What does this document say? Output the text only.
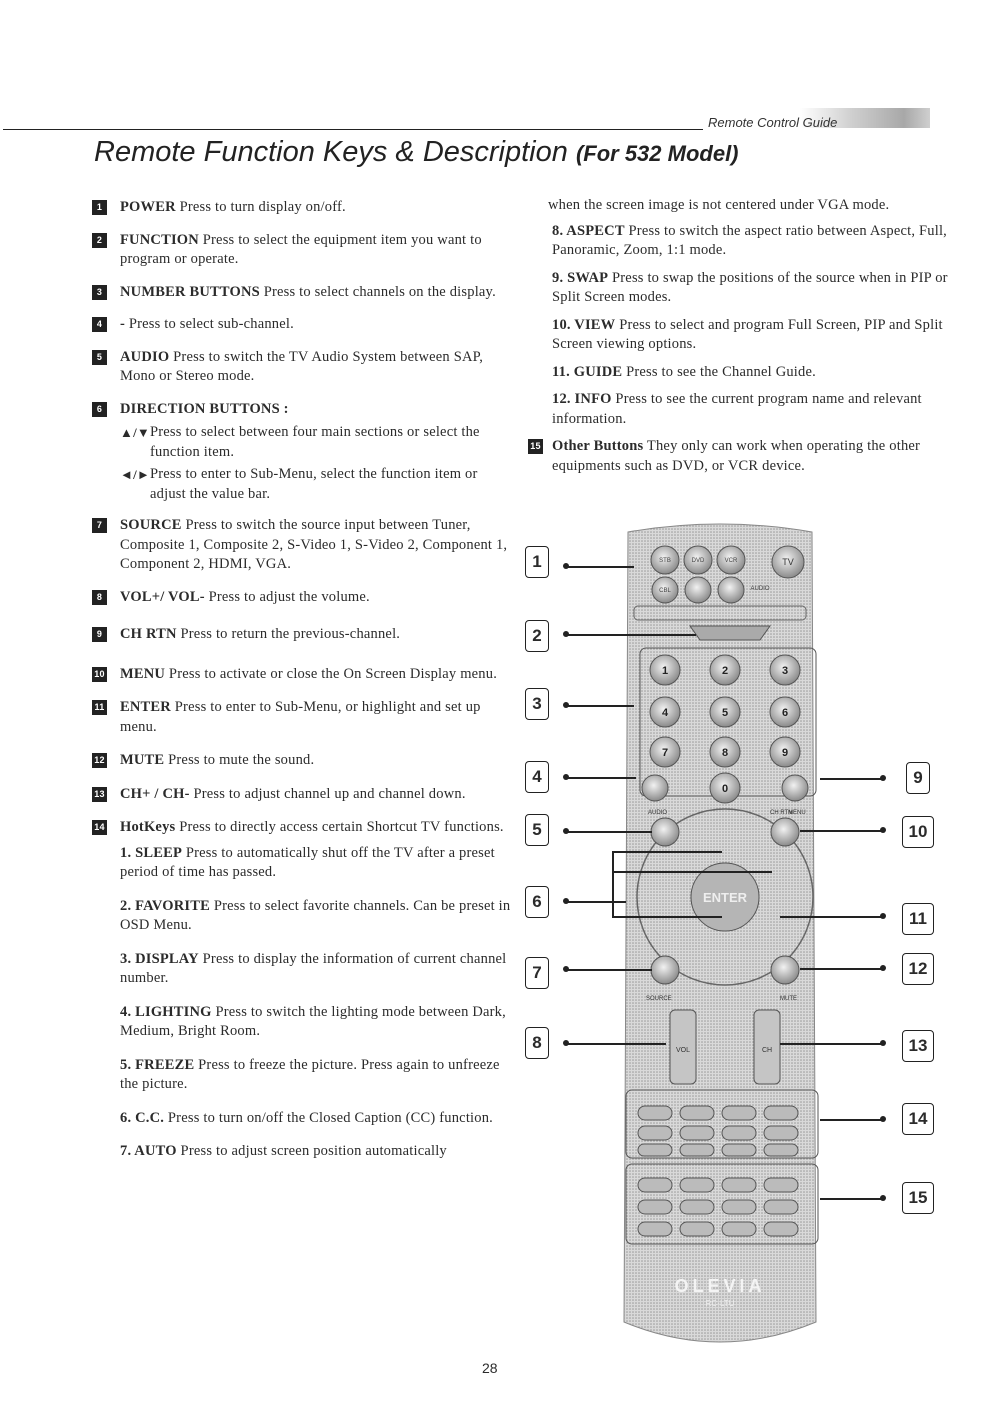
Remote Control Guide
Remote Function Keys & Description (For 532 Model)
1	POWER Press to turn display on/off.
2	FUNCTION Press to select the equipment item you want to program or operate.
3	NUMBER BUTTONS Press to select channels on the display.
4	- Press to select sub-channel.
5	AUDIO Press to switch the TV Audio System between SAP, Mono or Stereo mode.
6	DIRECTION BUTTONS :
▲/▼ Press to select between four main sections or select the function item.
◄/► Press to enter to Sub-Menu, select the function item or adjust the value bar.
7	SOURCE Press to switch the source input between Tuner, Composite 1, Composite 2, S-Video 1, S-Video 2, Component 1, Component 2, HDMI, VGA.
8	VOL+/ VOL- Press to adjust the volume.
9	CH RTN Press to return the previous-channel.
10 MENU Press to activate or close the On Screen Display menu.
11 ENTER Press to enter to Sub-Menu, or highlight and set up menu.
12 MUTE Press to mute the sound.
13 CH+ / CH- Press to adjust channel up and channel down.
14 HotKeys Press to directly access certain Shortcut TV functions.
1. SLEEP Press to automatically shut off the TV after a preset period of time has passed.
2. FAVORITE Press to select favorite channels. Can be preset in OSD Menu.
3. DISPLAY Press to display the information of current channel number.
4. LIGHTING Press to switch the lighting mode between Dark, Medium, Bright Room.
5. FREEZE Press to freeze the picture. Press again to unfreeze the picture.
6. C.C. Press to turn on/off the Closed Caption (CC) function.
7. AUTO Press to adjust screen position automatically
when the screen image is not centered under VGA mode.
8. ASPECT Press to switch the aspect ratio between Aspect, Full, Panoramic, Zoom, 1:1 mode.
9. SWAP Press to swap the positions of the source when in PIP or Split Screen modes.
10. VIEW Press to select and program Full Screen, PIP and Split Screen viewing options.
11. GUIDE Press to see the Channel Guide.
12. INFO Press to see the current program name and relevant information.
15 Other Buttons They only can work when operating the other equipments such as DVD, or VCR device.
STB	DVD	VCR
CBL	AUDIO
TV
1	2	3
4	5	6
7	8	9
0
AUDIO	CH RTN
MENU
ENTER
SOURCE	MUTE
VOL	CH
OLEVIA
RC-LTU
1
2
3
4
5
6
7
8
9
10
11
12
13
14
15
28
